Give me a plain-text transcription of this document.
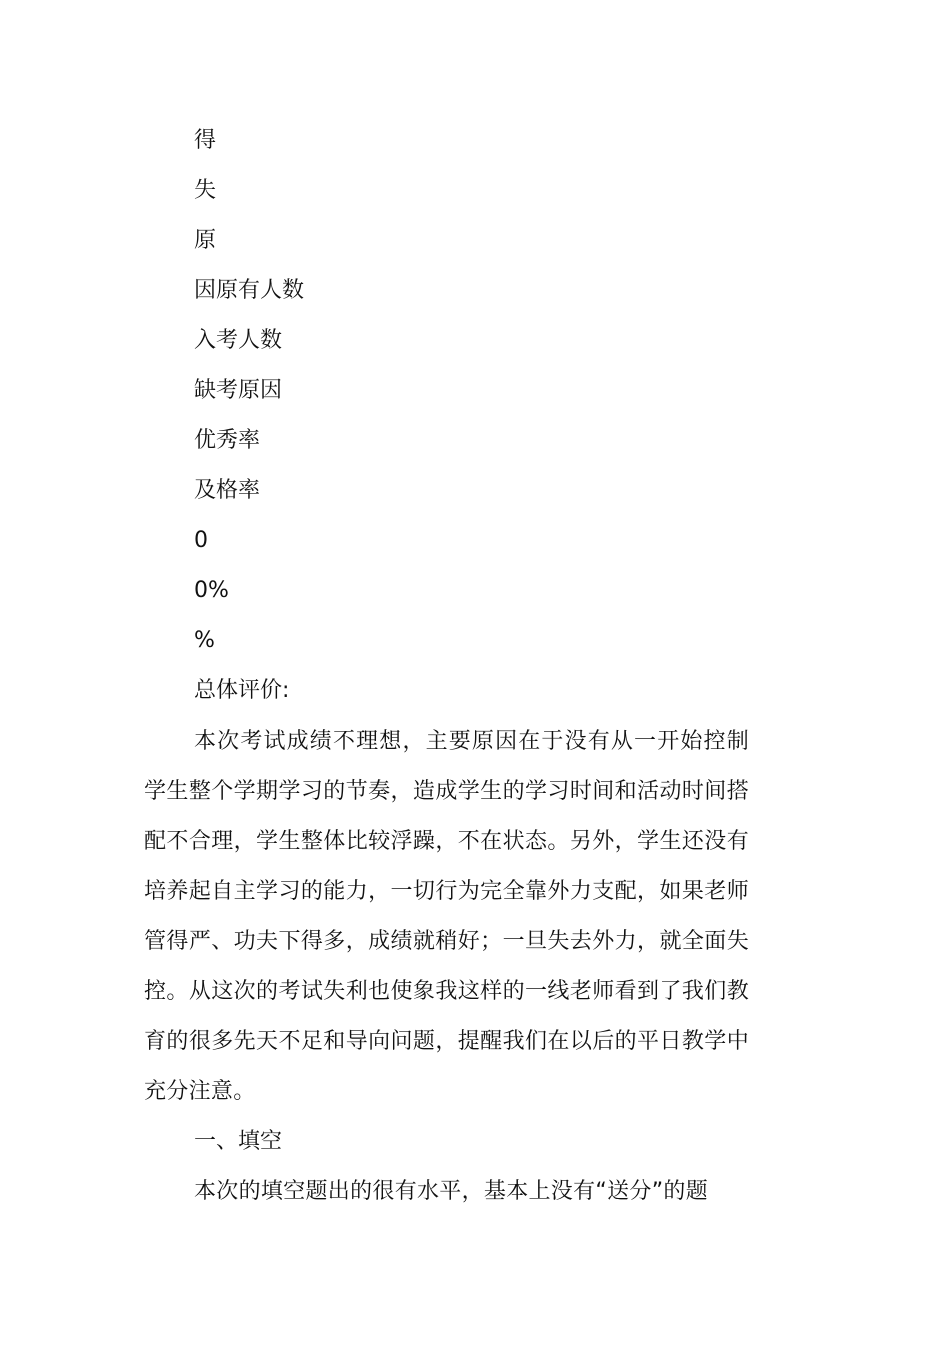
得
失
原
因原有人数
入考人数
缺考原因
优秀率
及格率
0
0%
%
总体评价:

本次考试成绩不理想，主要原因在于没有从一开始控制学生整个学期学习的节奏，造成学生的学习时间和活动时间搭配不合理，学生整体比较浮躁，不在状态。另外，学生还没有培养起自主学习的能力，一切行为完全靠外力支配，如果老师管得严、功夫下得多，成绩就稍好；一旦失去外力，就全面失控。从这次的考试失利也使象我这样的一线老师看到了我们教育的很多先天不足和导向问题，提醒我们在以后的平日教学中充分注意。

一、填空

本次的填空题出的很有水平，基本上没有“送分”的题
